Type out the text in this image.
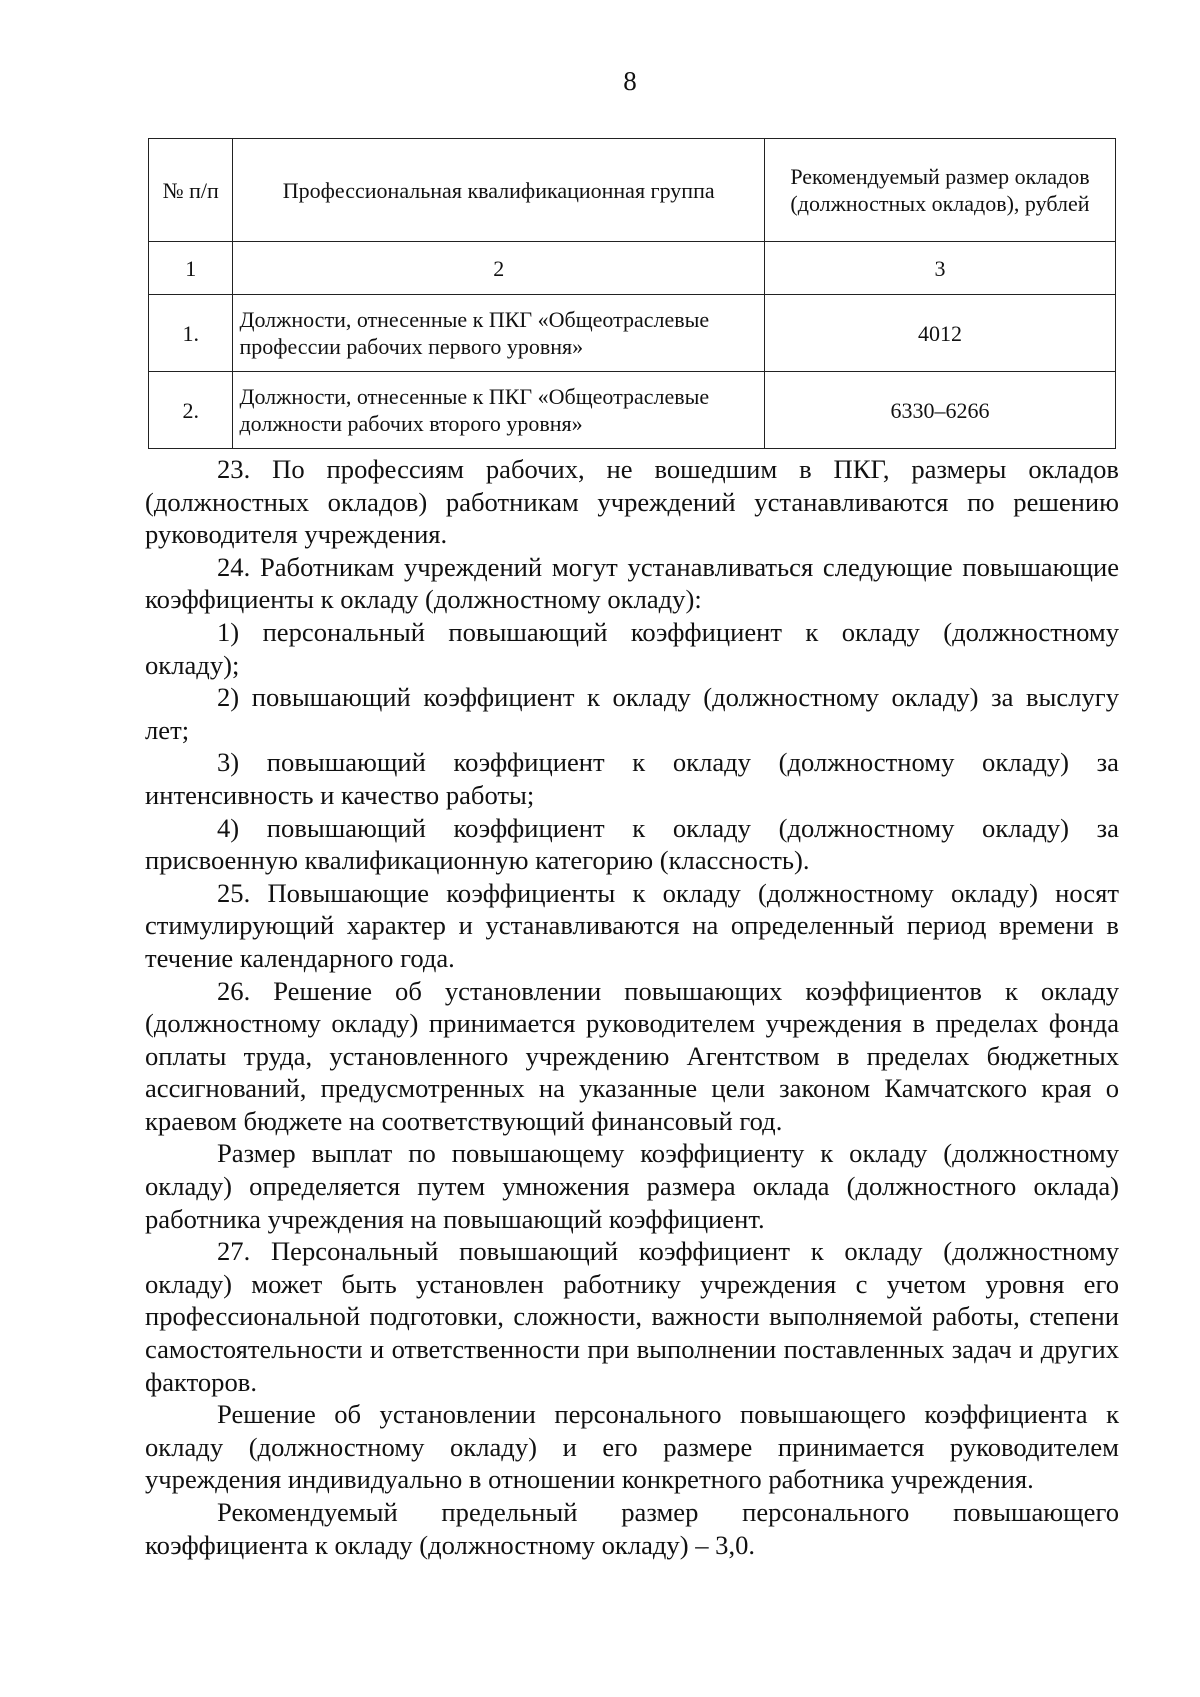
8
№ п/п	Профессиональная квалификационная группа	Рекомендуемый размер окладов (должностных окладов), рублей
1	2	3
1.	Должности, отнесенные к ПКГ «Общеотраслевые профессии рабочих первого уровня»	4012
2.	Должности, отнесенные к ПКГ «Общеотраслевые должности рабочих второго уровня»	6330–6266

23. По профессиям рабочих, не вошедшим в ПКГ, размеры окладов (должностных окладов) работникам учреждений устанавливаются по решению руководителя учреждения.

24. Работникам учреждений могут устанавливаться следующие повышающие коэффициенты к окладу (должностному окладу):

1) персональный повышающий коэффициент к окладу (должностному окладу);

2) повышающий коэффициент к окладу (должностному окладу) за выслугу лет;

3) повышающий коэффициент к окладу (должностному окладу) за интенсивность и качество работы;

4) повышающий коэффициент к окладу (должностному окладу) за присвоенную квалификационную категорию (классность).

25. Повышающие коэффициенты к окладу (должностному окладу) носят стимулирующий характер и устанавливаются на определенный период времени в течение календарного года.

26. Решение об установлении повышающих коэффициентов к окладу (должностному окладу) принимается руководителем учреждения в пределах фонда оплаты труда, установленного учреждению Агентством в пределах бюджетных ассигнований, предусмотренных на указанные цели законом Камчатского края о краевом бюджете на соответствующий финансовый год.

Размер выплат по повышающему коэффициенту к окладу (должностному окладу) определяется путем умножения размера оклада (должностного оклада) работника учреждения на повышающий коэффициент.

27. Персональный повышающий коэффициент к окладу (должностному окладу) может быть установлен работнику учреждения с учетом уровня его профессиональной подготовки, сложности, важности выполняемой работы, степени самостоятельности и ответственности при выполнении поставленных задач и других факторов.

Решение об установлении персонального повышающего коэффициента к окладу (должностному окладу) и его размере принимается руководителем учреждения индивидуально в отношении конкретного работника учреждения.

Рекомендуемый предельный размер персонального повышающего коэффициента к окладу (должностному окладу) – 3,0.
